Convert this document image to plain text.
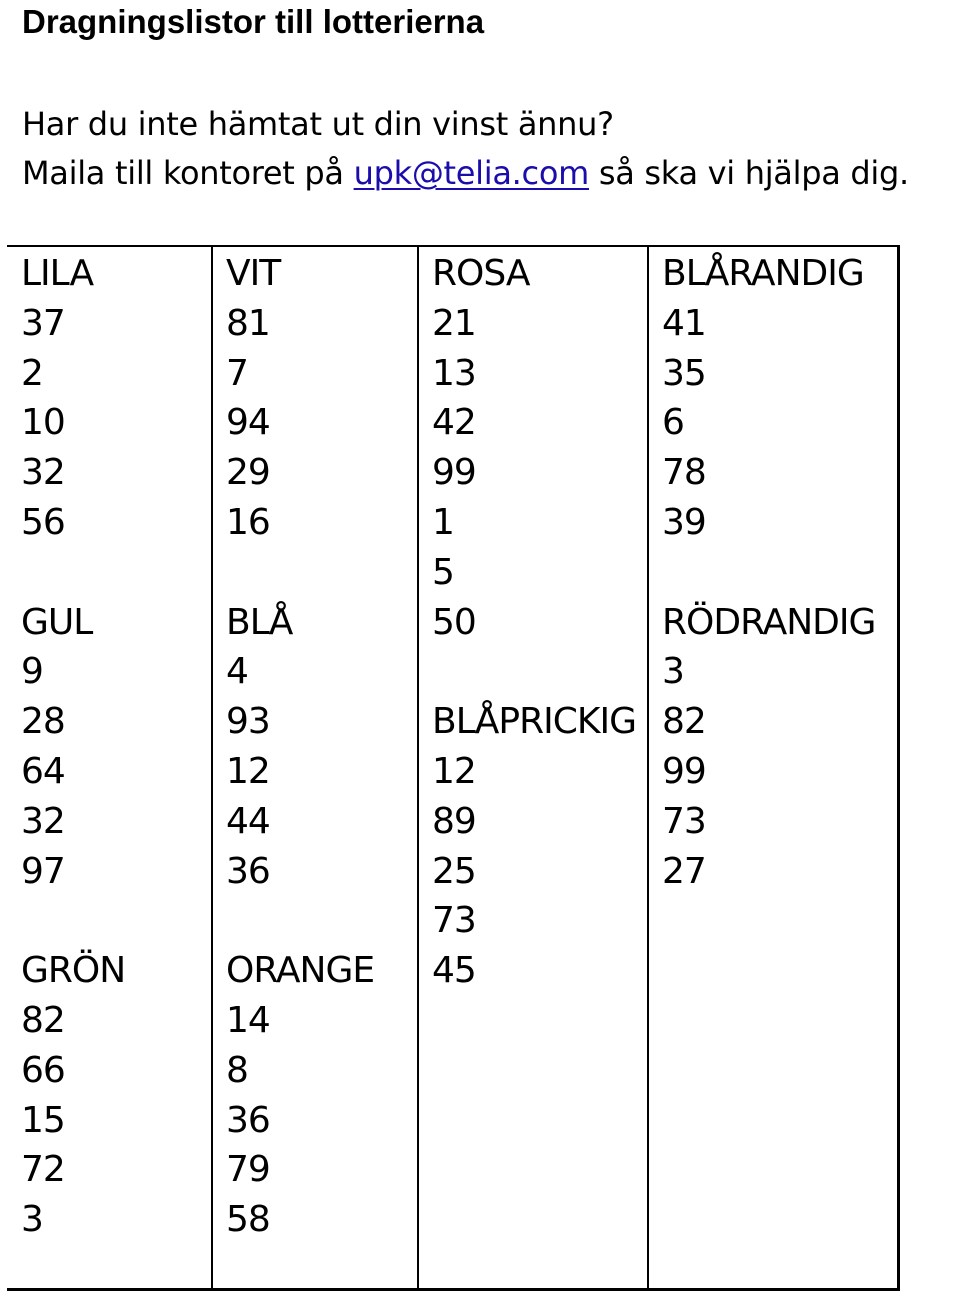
Dragningslistor till lotterierna
Har du inte hämtat ut din vinst ännu?
Maila till kontoret på upk@telia.com så ska vi hjälpa dig.
LILA
37
2
10
32
56
GUL
9
28
64
32
97
GRÖN
82
66
15
72
3
VIT
81
7
94
29
16
BLÅ
4
93
12
44
36
ORANGE
14
8
36
79
58
ROSA
21
13
42
99
1
5
50
BLÅPRICKIG
12
89
25
73
45
BLÅRANDIG
41
35
6
78
39
RÖDRANDIG
3
82
99
73
27
